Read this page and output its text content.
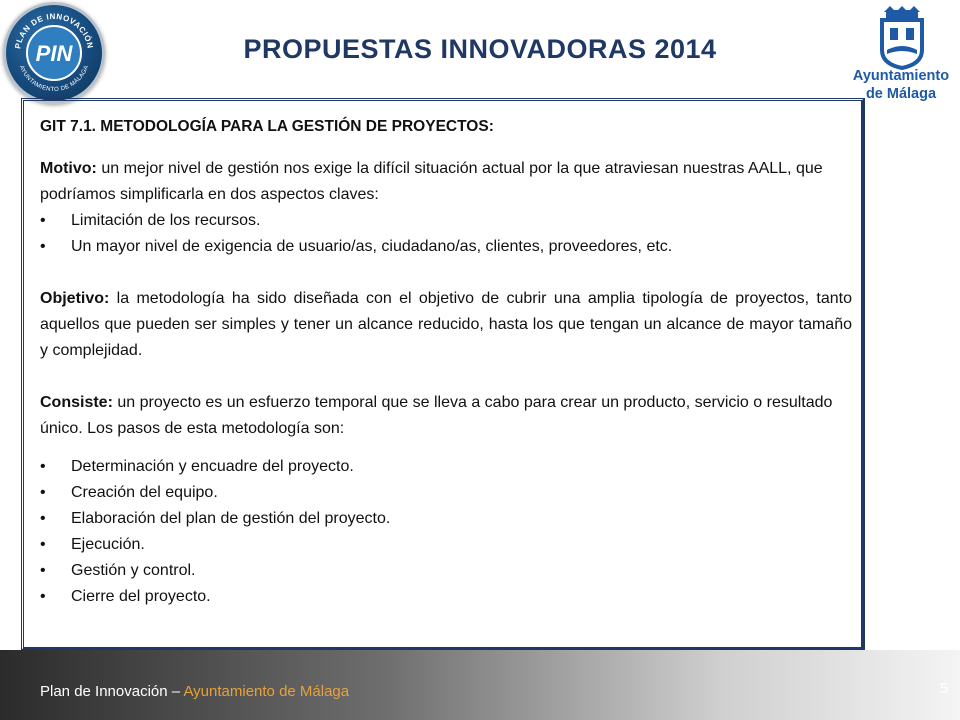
PLAN DE INNOVACIÓN
AYUNTAMIENTO DE MÁLAGA
PIN	PROPUESTAS INNOVADORAS 2014
Ayuntamiento
de Málaga

GIT 7.1. METODOLOGÍA PARA LA GESTIÓN DE PROYECTOS:

Motivo: un mejor nivel de gestión nos exige la difícil situación actual por la que atraviesan nuestras AALL, que podríamos simplificarla en dos aspectos claves:

• Limitación de los recursos.
• Un mayor nivel de exigencia de usuario/as, ciudadano/as, clientes, proveedores, etc.

Objetivo: la metodología ha sido diseñada con el objetivo de cubrir una amplia tipología de proyectos, tanto aquellos que pueden ser simples y tener un alcance reducido, hasta los que tengan un alcance de mayor tamaño y complejidad.

Consiste: un proyecto es un esfuerzo temporal que se lleva a cabo para crear un producto, servicio o resultado único. Los pasos de esta metodología son:

• Determinación y encuadre del proyecto.
• Creación del equipo.
• Elaboración del plan de gestión del proyecto.
• Ejecución.
• Gestión y control.
• Cierre del proyecto.
Plan de Innovación – Ayuntamiento de Málaga	5
